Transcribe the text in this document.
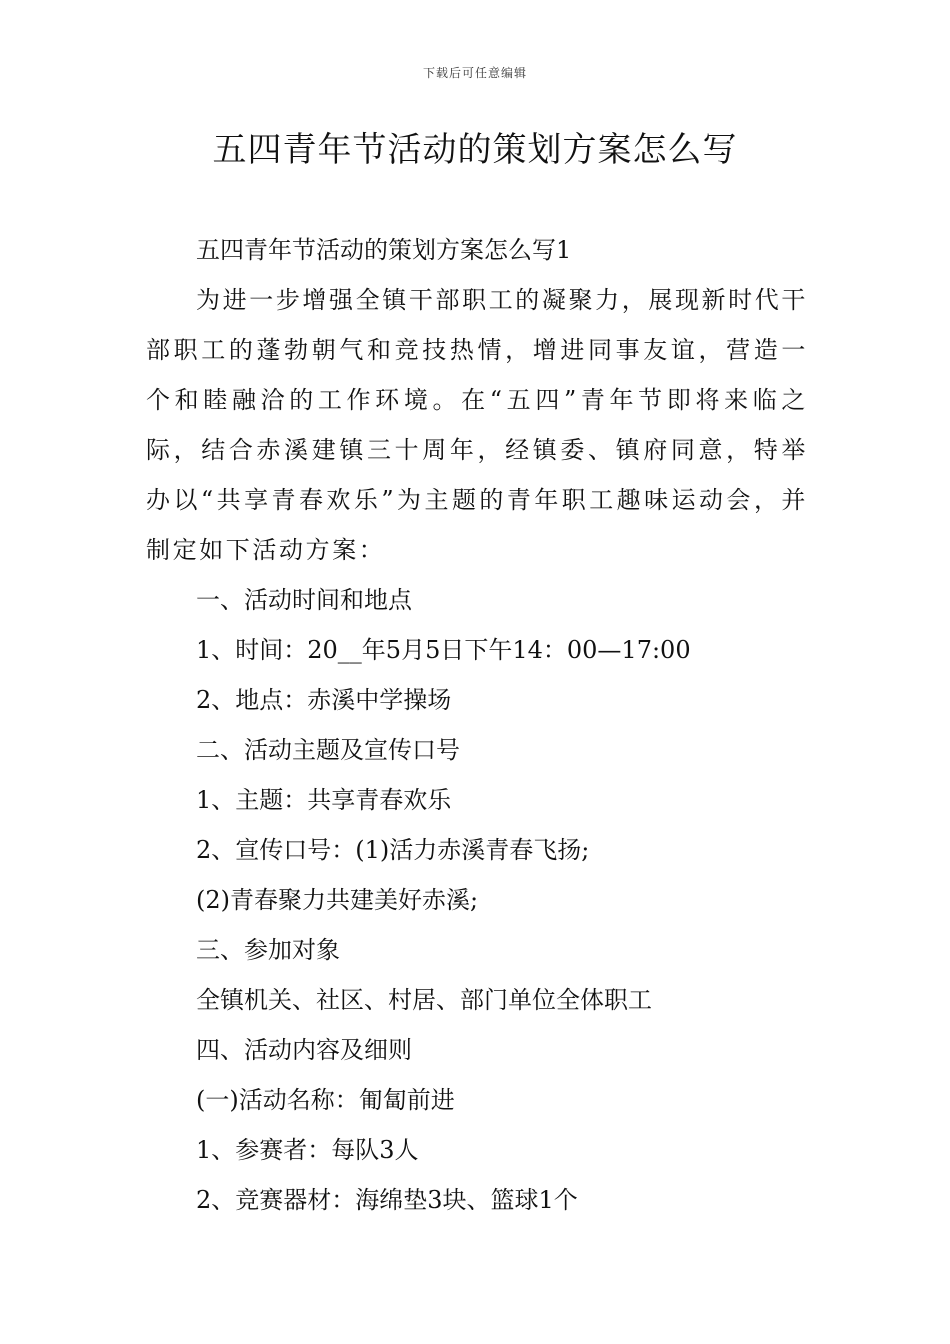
下载后可任意编辑
五四青年节活动的策划方案怎么写

五四青年节活动的策划方案怎么写1

为进一步增强全镇干部职工的凝聚力，展现新时代干部职工的蓬勃朝气和竞技热情，增进同事友谊，营造一个和睦融洽的工作环境。在“五四”青年节即将来临之际，结合赤溪建镇三十周年，经镇委、镇府同意，特举办以“共享青春欢乐”为主题的青年职工趣味运动会，并制定如下活动方案：

一、活动时间和地点

1、时间：20__年5月5日下午14：00—17:00

2、地点：赤溪中学操场

二、活动主题及宣传口号

1、主题：共享青春欢乐

2、宣传口号：(1)活力赤溪青春飞扬;

(2)青春聚力共建美好赤溪;

三、参加对象

全镇机关、社区、村居、部门单位全体职工

四、活动内容及细则

(一)活动名称：匍匐前进

1、参赛者：每队3人

2、竞赛器材：海绵垫3块、篮球1个
